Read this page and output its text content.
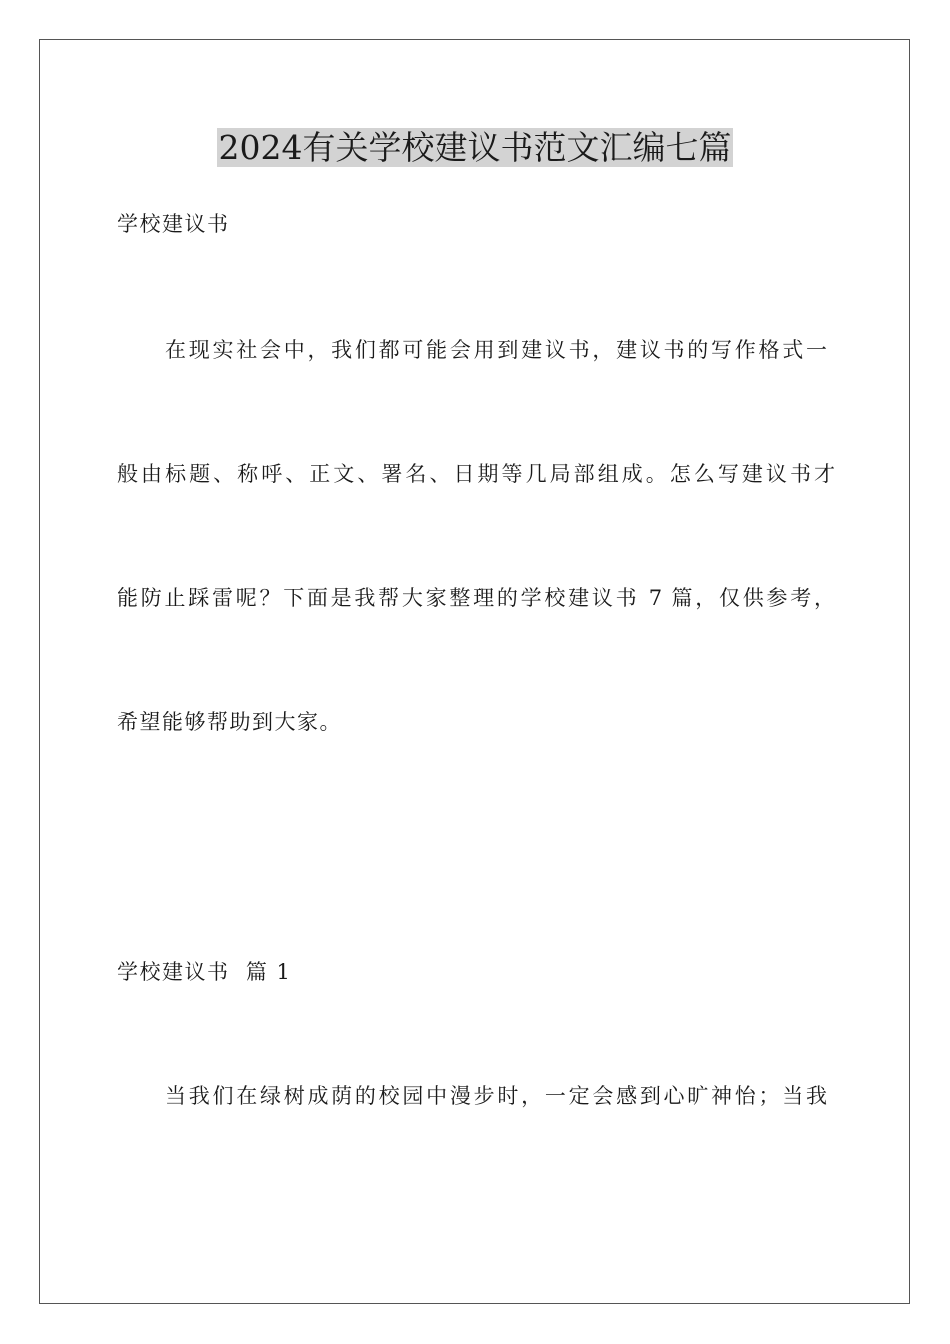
2024有关学校建议书范文汇编七篇

学校建议书

在现实社会中，我们都可能会用到建议书，建议书的写作格式一

般由标题、称呼、正文、署名、日期等几局部组成。怎么写建议书才

能防止踩雷呢？下面是我帮大家整理的学校建议书 7 篇，仅供参考，

希望能够帮助到大家。

学校建议书  篇 1

当我们在绿树成荫的校园中漫步时，一定会感到心旷神怡；当我
